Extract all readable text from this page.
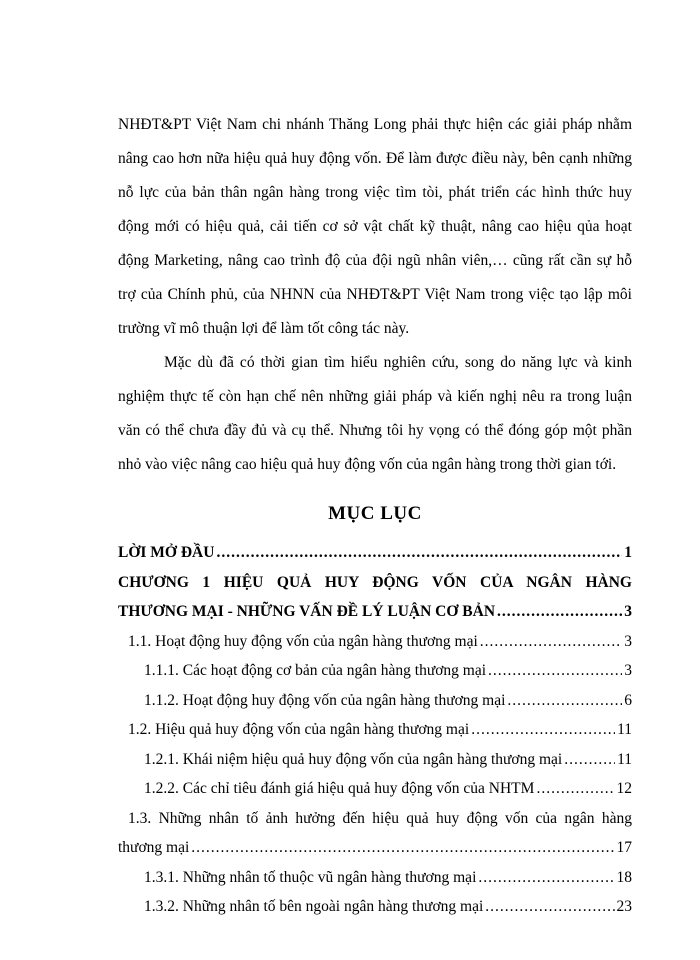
NHĐT&PT Việt Nam chi nhánh Thăng Long phải thực hiện các giải pháp nhằm nâng cao hơn nữa hiệu quả huy động vốn. Để làm được điều này, bên cạnh những nỗ lực của bản thân ngân hàng trong việc tìm tòi, phát triển các hình thức huy động mới có hiệu quả, cải tiến cơ sở vật chất kỹ thuật, nâng cao hiệu qủa hoạt động Marketing, nâng cao trình độ của đội ngũ nhân viên,… cũng rất cần sự hỗ trợ của Chính phủ, của NHNN của NHĐT&PT Việt Nam trong việc tạo lập môi trường vĩ mô thuận lợi để làm tốt công tác này.

Mặc dù đã có thời gian tìm hiểu nghiên cứu, song do năng lực và kinh nghiệm thực tế còn hạn chế nên những giải pháp và kiến nghị nêu ra trong luận văn có thể chưa đầy đủ và cụ thể. Nhưng tôi hy vọng có thể đóng góp một phần nhỏ vào việc nâng cao hiệu quả huy động vốn của ngân hàng trong thời gian tới.

MỤC LỤC
LỜI MỞ ĐẦU .....	1
CHƯƠNG 1 HIỆU QUẢ HUY ĐỘNG VỐN CỦA NGÂN HÀNG
THƯƠNG MẠI - NHỮNG VẤN ĐỀ LÝ LUẬN CƠ BẢN .....	3
1.1. Hoạt động huy động vốn của ngân hàng thương mại .....	3
1.1.1. Các hoạt động cơ bản của ngân hàng thương mại .....	3
1.1.2. Hoạt động huy động vốn của ngân hàng thương mại .....	6
1.2. Hiệu quả huy động vốn của ngân hàng thương mại .....	11
1.2.1. Khái niệm hiệu quả huy động vốn của ngân hàng thương mại .....	11
1.2.2. Các chỉ tiêu đánh giá hiệu quả huy động vốn của NHTM .....	12
1.3. Những nhân tố ảnh hưởng đến hiệu quả huy động vốn của ngân hàng
thương mại .....	17
1.3.1. Những nhân tố thuộc vũ ngân hàng thương mại .....	18
1.3.2. Những nhân tố bên ngoài ngân hàng thương mại .....	23
